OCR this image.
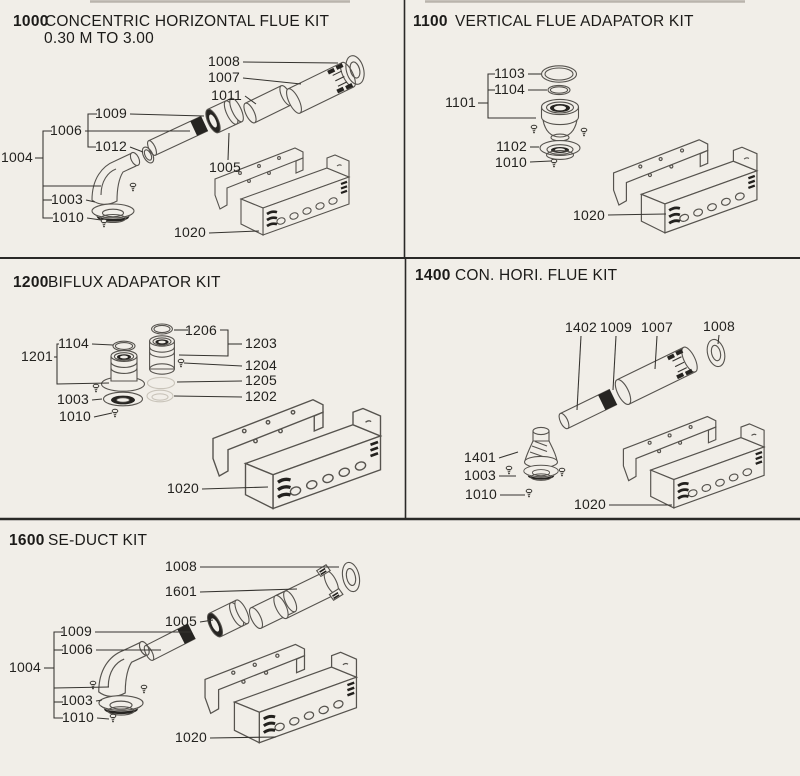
1000
CONCENTRIC HORIZONTAL FLUE KIT
0.30 M TO 3.00
1008
1007
1011
1009
1006
1012
1004
1003
1010
1005
1020
1100 VERTICAL FLUE ADAPATOR KIT
1103
1104
1101
1102
1010
1020
1200 BIFLUX ADAPATOR KIT
1104
1201
1206
1203
1204
1205
1202
1003
1010
1020
1400 CON. HORI. FLUE KIT
1402 1009 1007 1008
1401
1003
1010
1020
1600 SE-DUCT KIT
1008
1601
1005
1009
1006
1004
1003
1010
1020
